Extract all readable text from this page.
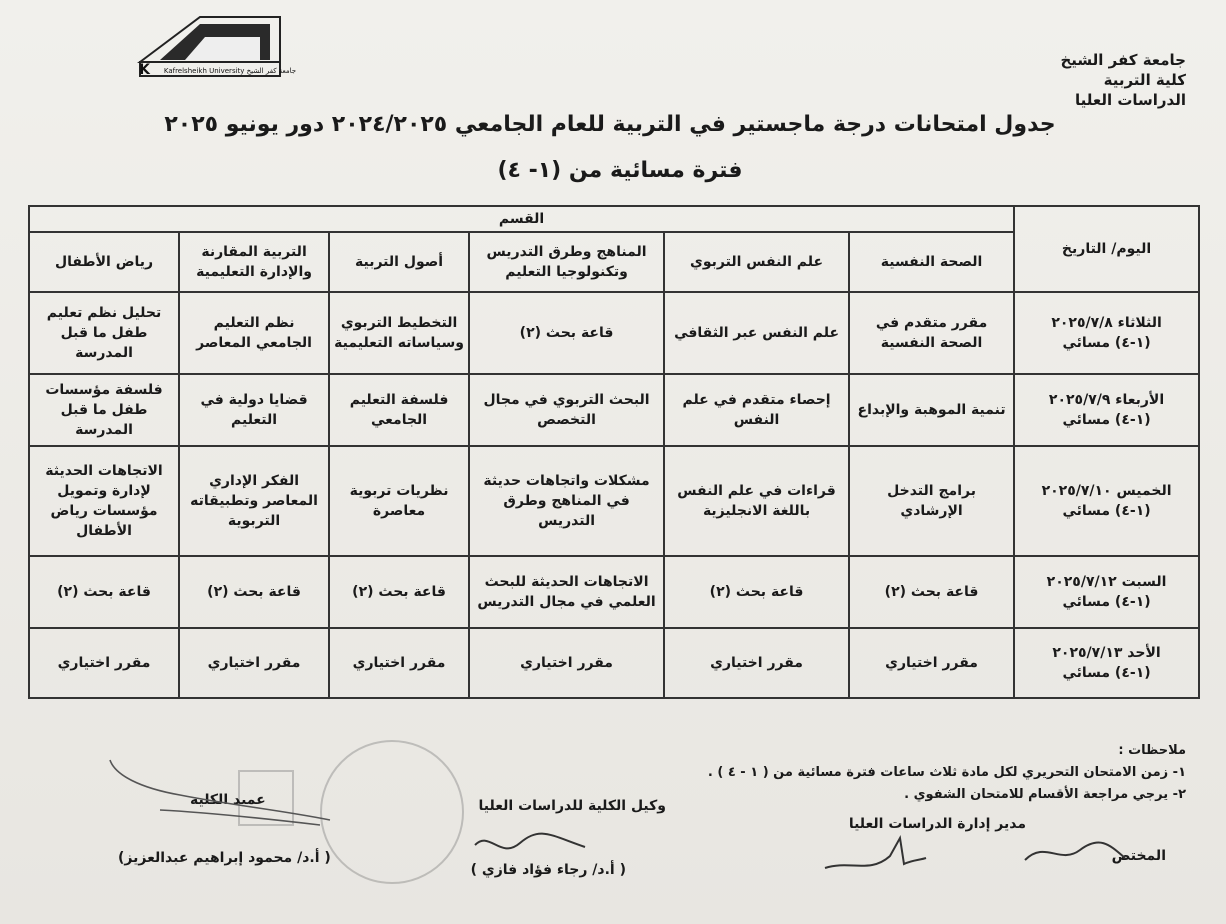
K جامعة كفر الشيخ Kafrelsheikh University
جامعة كفر الشيخ
كلية التربية
الدراسات العليا
جدول امتحانات درجة ماجستير في التربية للعام الجامعي ٢٠٢٤/٢٠٢٥ دور يونيو ٢٠٢٥
فترة مسائية من (١- ٤)
اليوم/ التاريخ	القسم					
	الصحة النفسية	علم النفس التربوي	المناهج وطرق التدريس وتكنولوجيا التعليم	أصول التربية	التربية المقارنة والإدارة التعليمية	رياض الأطفال

الثلاثاء ٢٠٢٥/٧/٨
(١-٤) مسائي	مقرر متقدم في الصحة النفسية	علم النفس عبر الثقافي	قاعة بحث (٢)	التخطيط التربوي وسياساته التعليمية	نظم التعليم الجامعي المعاصر	تحليل نظم تعليم طفل ما قبل المدرسة

الأربعاء ٢٠٢٥/٧/٩
(١-٤) مسائي	تنمية الموهبة والإبداع	إحصاء متقدم في علم النفس	البحث التربوي في مجال التخصص	فلسفة التعليم الجامعي	قضايا دولية في التعليم	فلسفة مؤسسات طفل ما قبل المدرسة

الخميس ٢٠٢٥/٧/١٠
(١-٤) مسائي	برامج التدخل الإرشادي	قراءات في علم النفس باللغة الانجليزية	مشكلات واتجاهات حديثة في المناهج وطرق التدريس	نظريات تربوية معاصرة	الفكر الإداري المعاصر وتطبيقاته التربوية	الاتجاهات الحديثة لإدارة وتمويل مؤسسات رياض الأطفال

السبت ٢٠٢٥/٧/١٢
(١-٤) مسائي	قاعة بحث (٢)	قاعة بحث (٢)	الاتجاهات الحديثة للبحث العلمي في مجال التدريس	قاعة بحث (٢)	قاعة بحث (٢)	قاعة بحث (٢)

الأحد ٢٠٢٥/٧/١٣
(١-٤) مسائي	مقرر اختياري	مقرر اختياري	مقرر اختياري	مقرر اختياري	مقرر اختياري	مقرر اختياري
ملاحظات :
١- زمن الامتحان التحريري لكل مادة ثلاث ساعات فترة مسائية من ( ١ - ٤ ) .
٢- يرجي مراجعة الأقسام للامتحان الشفوي .
المختص
مدير إدارة الدراسات العليا
وكيل الكلية للدراسات العليا
( أ.د/ رجاء فؤاد فازي )
عميد الكلية
( أ.د/ محمود إبراهيم عبدالعزيز)
